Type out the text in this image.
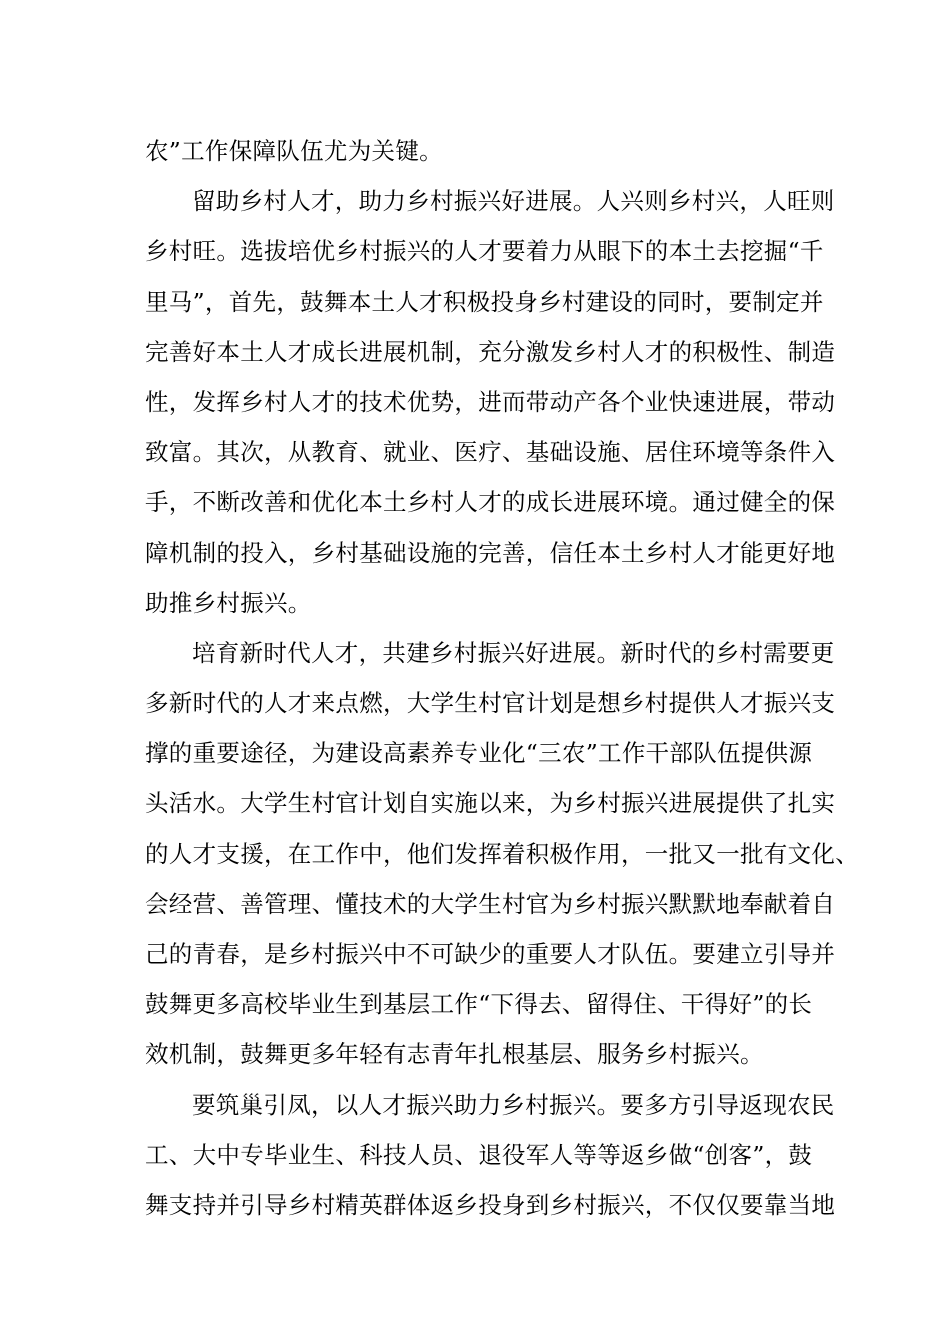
农”工作保障队伍尤为关键。
留助乡村人才，助力乡村振兴好进展。人兴则乡村兴，人旺则
乡村旺。选拔培优乡村振兴的人才要着力从眼下的本土去挖掘“千
里马”，首先，鼓舞本土人才积极投身乡村建设的同时，要制定并
完善好本土人才成长进展机制，充分激发乡村人才的积极性、制造
性，发挥乡村人才的技术优势，进而带动产各个业快速进展，带动
致富。其次，从教育、就业、医疗、基础设施、居住环境等条件入
手，不断改善和优化本土乡村人才的成长进展环境。通过健全的保
障机制的投入，乡村基础设施的完善，信任本土乡村人才能更好地
助推乡村振兴。
培育新时代人才，共建乡村振兴好进展。新时代的乡村需要更
多新时代的人才来点燃，大学生村官计划是想乡村提供人才振兴支
撑的重要途径，为建设高素养专业化“三农”工作干部队伍提供源
头活水。大学生村官计划自实施以来，为乡村振兴进展提供了扎实
的人才支援，在工作中，他们发挥着积极作用，一批又一批有文化、
会经营、善管理、懂技术的大学生村官为乡村振兴默默地奉献着自
己的青春，是乡村振兴中不可缺少的重要人才队伍。要建立引导并
鼓舞更多高校毕业生到基层工作“下得去、留得住、干得好”的长
效机制，鼓舞更多年轻有志青年扎根基层、服务乡村振兴。
要筑巢引凤，以人才振兴助力乡村振兴。要多方引导返现农民
工、大中专毕业生、科技人员、退役军人等等返乡做“创客”，鼓
舞支持并引导乡村精英群体返乡投身到乡村振兴，不仅仅要靠当地
